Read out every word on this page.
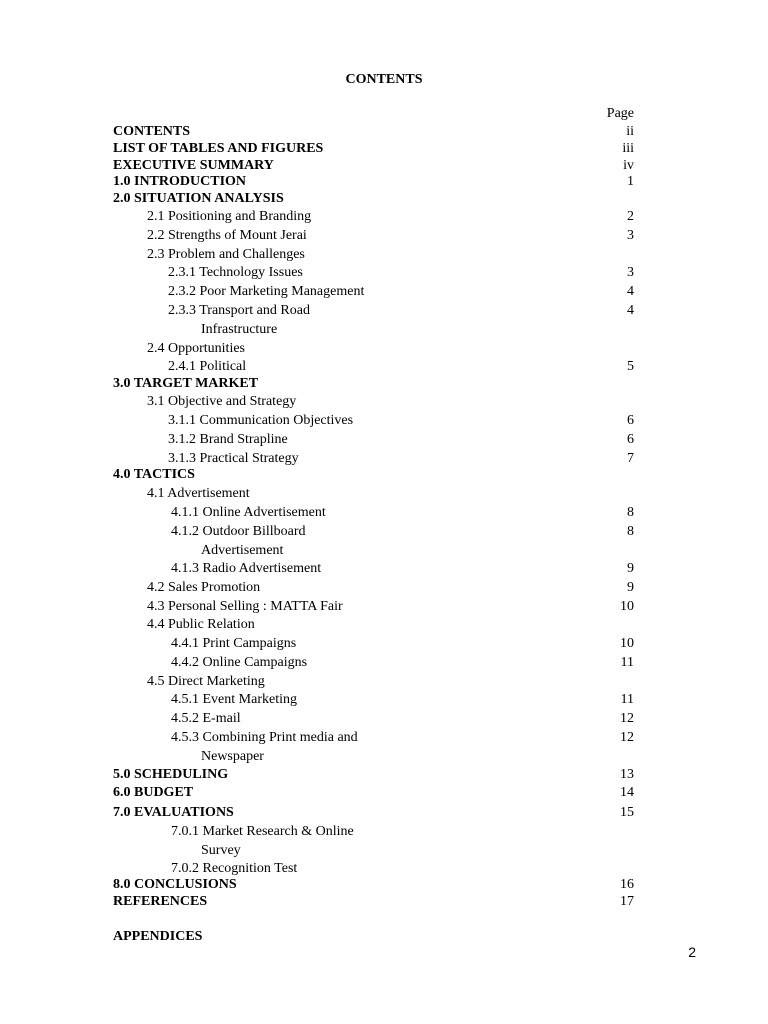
CONTENTS
Page
CONTENTS	ii
LIST OF TABLES AND FIGURES	iii
EXECUTIVE SUMMARY	iv
1.0 INTRODUCTION	1
2.0 SITUATION ANALYSIS
2.1 Positioning and Branding	2
2.2 Strengths of Mount Jerai	3
2.3 Problem and Challenges
2.3.1 Technology Issues	3
2.3.2 Poor Marketing Management	4
2.3.3 Transport and Road	4
Infrastructure
2.4 Opportunities
2.4.1 Political	5
3.0 TARGET MARKET
3.1 Objective and Strategy
3.1.1 Communication Objectives	6
3.1.2 Brand Strapline	6
3.1.3 Practical Strategy	7
4.0 TACTICS
4.1 Advertisement
4.1.1 Online Advertisement	8
4.1.2 Outdoor Billboard	8
Advertisement
4.1.3 Radio Advertisement	9
4.2 Sales Promotion	9
4.3 Personal Selling : MATTA Fair	10
4.4 Public Relation
4.4.1 Print Campaigns	10
4.4.2 Online Campaigns	11
4.5 Direct Marketing
4.5.1 Event Marketing	11
4.5.2 E-mail	12
4.5.3 Combining Print media and	12
Newspaper
5.0 SCHEDULING	13
6.0 BUDGET	14
7.0 EVALUATIONS	15
7.0.1 Market Research & Online
Survey
7.0.2 Recognition Test
8.0 CONCLUSIONS	16
REFERENCES	17
APPENDICES
2
